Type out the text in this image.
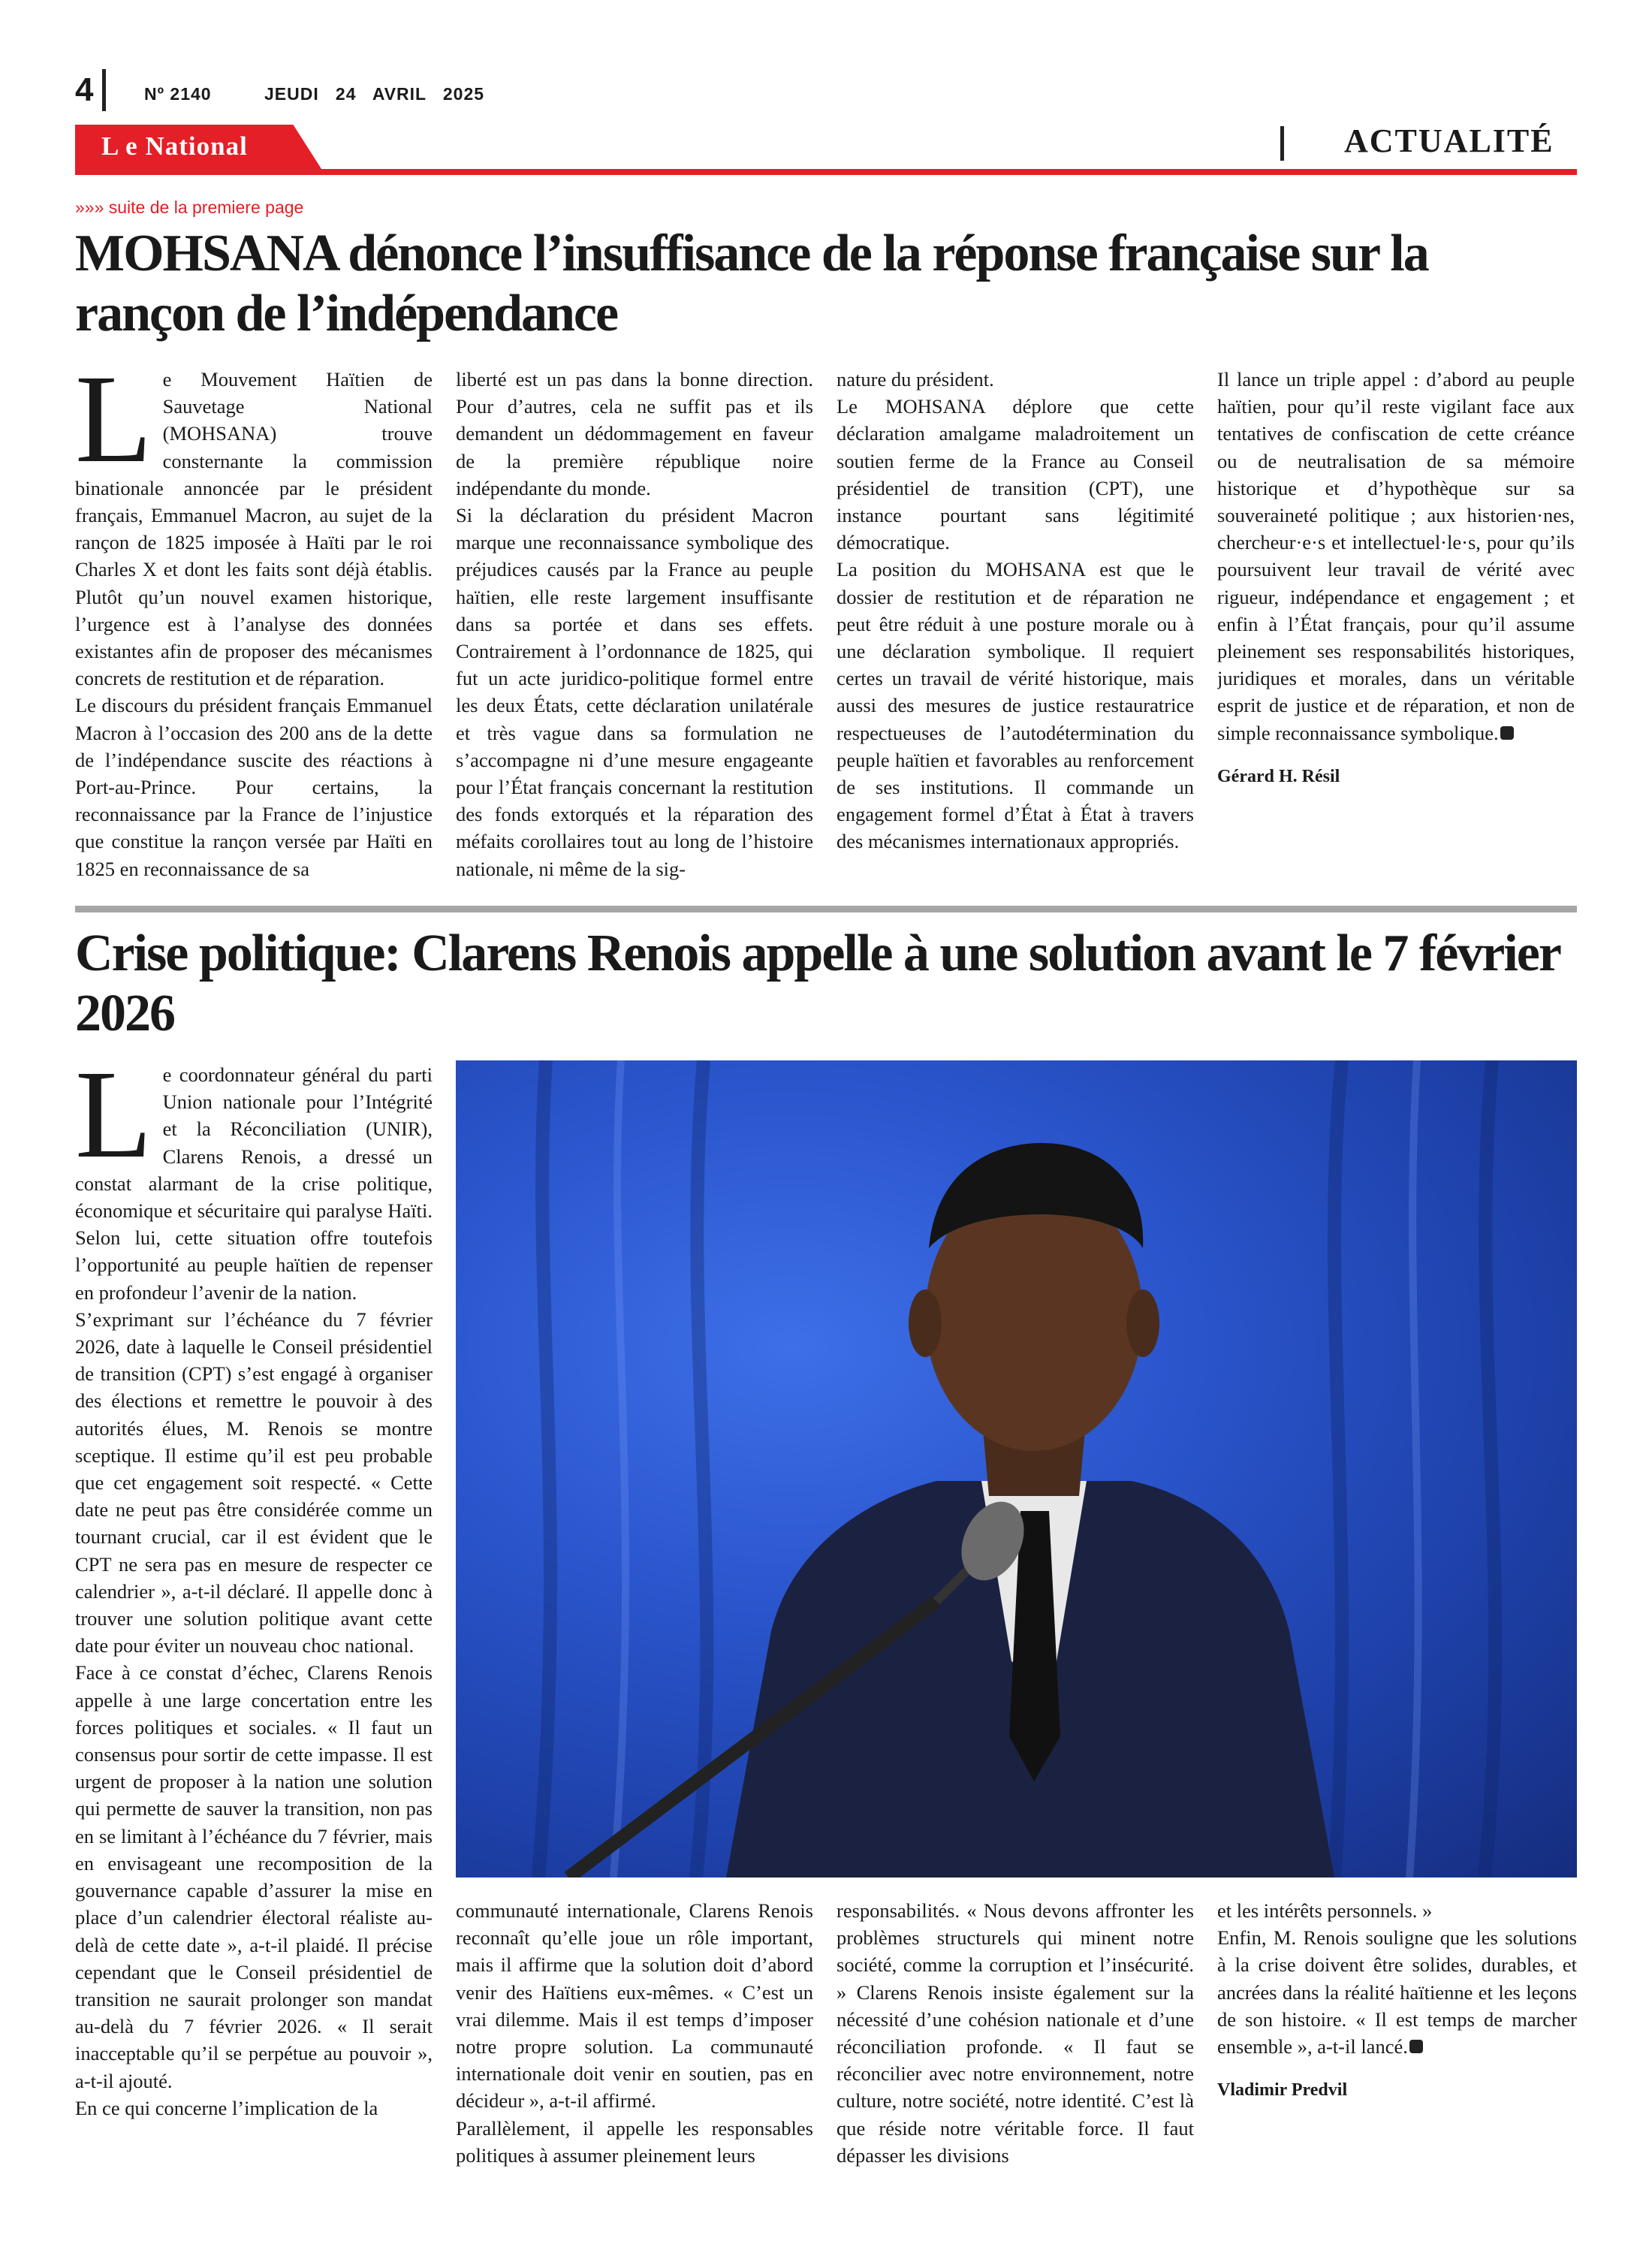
4	Nº 2140	JEUDI   24   AVRIL   2025
L e National	ACTUALITÉ
»»» suite de la premiere page
MOHSANA dénonce l’insuffisance de la réponse française sur la rançon de l’indépendance

Le Mouvement Haïtien de Sauvetage National (MOHSANA) trouve consternante la commission binationale annoncée par le président français, Emmanuel Macron, au sujet de la rançon de 1825 imposée à Haïti par le roi Charles X et dont les faits sont déjà établis. Plutôt qu’un nouvel examen historique, l’urgence est à l’analyse des données existantes afin de proposer des mécanismes concrets de restitution et de réparation.

Le discours du président français Emmanuel Macron à l’occasion des 200 ans de la dette de l’indépendance suscite des réactions à Port-au-Prince. Pour certains, la reconnaissance par la France de l’injustice que constitue la rançon versée par Haïti en 1825 en reconnaissance de sa

liberté est un pas dans la bonne direction. Pour d’autres, cela ne suffit pas et ils demandent un dédommagement en faveur de la première république noire indépendante du monde.

Si la déclaration du président Macron marque une reconnaissance symbolique des préjudices causés par la France au peuple haïtien, elle reste largement insuffisante dans sa portée et dans ses effets. Contrairement à l’ordonnance de 1825, qui fut un acte juridico-politique formel entre les deux États, cette déclaration unilatérale et très vague dans sa formulation ne s’accompagne ni d’une mesure engageante pour l’État français concernant la restitution des fonds extorqués et la réparation des méfaits corollaires tout au long de l’histoire nationale, ni même de la sig-

nature du président.

Le MOHSANA déplore que cette déclaration amalgame maladroitement un soutien ferme de la France au Conseil présidentiel de transition (CPT), une instance pourtant sans légitimité démocratique.

La position du MOHSANA est que le dossier de restitution et de réparation ne peut être réduit à une posture morale ou à une déclaration symbolique. Il requiert certes un travail de vérité historique, mais aussi des mesures de justice restauratrice respectueuses de l’autodétermination du peuple haïtien et favorables au renforcement de ses institutions. Il commande un engagement formel d’État à État à travers des mécanismes internationaux appropriés.

Il lance un triple appel : d’abord au peuple haïtien, pour qu’il reste vigilant face aux tentatives de confiscation de cette créance ou de neutralisation de sa mémoire historique et d’hypothèque sur sa souveraineté politique ; aux historien·nes, chercheur·e·s et intellectuel·le·s, pour qu’ils poursuivent leur travail de vérité avec rigueur, indépendance et engagement ; et enfin à l’État français, pour qu’il assume pleinement ses responsabilités historiques, juridiques et morales, dans un véritable esprit de justice et de réparation, et non de simple reconnaissance symbolique.

Gérard H. Résil

Crise politique: Clarens Renois appelle à une solution avant le 7 février 2026

Le coordonnateur général du parti Union nationale pour l’Intégrité et la Réconciliation (UNIR), Clarens Renois, a dressé un constat alarmant de la crise politique, économique et sécuritaire qui paralyse Haïti. Selon lui, cette situation offre toutefois l’opportunité au peuple haïtien de repenser en profondeur l’avenir de la nation.

S’exprimant sur l’échéance du 7 février 2026, date à laquelle le Conseil présidentiel de transition (CPT) s’est engagé à organiser des élections et remettre le pouvoir à des autorités élues, M. Renois se montre sceptique. Il estime qu’il est peu probable que cet engagement soit respecté. « Cette date ne peut pas être considérée comme un tournant crucial, car il est évident que le CPT ne sera pas en mesure de respecter ce calendrier », a-t-il déclaré. Il appelle donc à trouver une solution politique avant cette date pour éviter un nouveau choc national.

Face à ce constat d’échec, Clarens Renois appelle à une large concertation entre les forces politiques et sociales. « Il faut un consensus pour sortir de cette impasse. Il est urgent de proposer à la nation une solution qui permette de sauver la transition, non pas en se limitant à l’échéance du 7 février, mais en envisageant une recomposition de la gouvernance capable d’assurer la mise en place d’un calendrier électoral réaliste au-delà de cette date », a-t-il plaidé. Il précise cependant que le Conseil présidentiel de transition ne saurait prolonger son mandat au-delà du 7 février 2026. « Il serait inacceptable qu’il se perpétue au pouvoir », a-t-il ajouté.

En ce qui concerne l’implication de la

communauté internationale, Clarens Renois reconnaît qu’elle joue un rôle important, mais il affirme que la solution doit d’abord venir des Haïtiens eux-mêmes. « C’est un vrai dilemme. Mais il est temps d’imposer notre propre solution. La communauté internationale doit venir en soutien, pas en décideur », a-t-il affirmé.

Parallèlement, il appelle les responsables politiques à assumer pleinement leurs

responsabilités. « Nous devons affronter les problèmes structurels qui minent notre société, comme la corruption et l’insécurité. » Clarens Renois insiste également sur la nécessité d’une cohésion nationale et d’une réconciliation profonde. « Il faut se réconcilier avec notre environnement, notre culture, notre société, notre identité. C’est là que réside notre véritable force. Il faut dépasser les divisions

et les intérêts personnels. »

Enfin, M. Renois souligne que les solutions à la crise doivent être solides, durables, et ancrées dans la réalité haïtienne et les leçons de son histoire. « Il est temps de marcher ensemble », a-t-il lancé.

Vladimir Predvil
